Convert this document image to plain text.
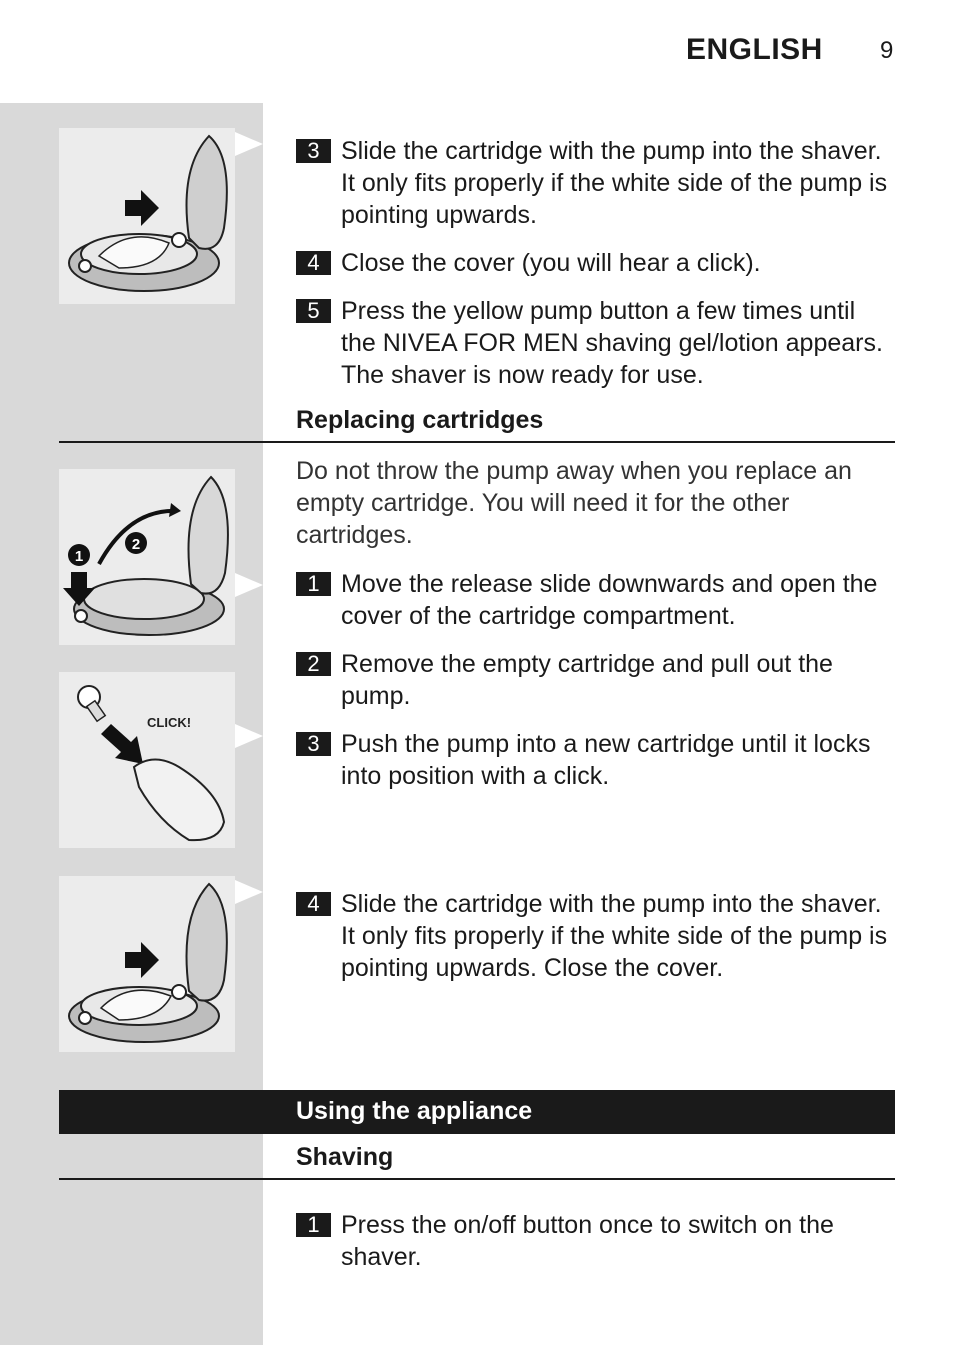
ENGLISH 9
3 Slide the cartridge with the pump into the shaver. It only fits properly if the white side of the pump is pointing upwards.
4 Close the cover (you will hear a click).
5 Press the yellow pump button a few times until the NIVEA FOR MEN shaving gel/lotion appears. The shaver is now ready for use.
Replacing cartridges
Do not throw the pump away when you replace an empty cartridge. You will need it for the other cartridges.
1
2
1 Move the release slide downwards and open the cover of the cartridge compartment.
CLICK!
2 Remove the empty cartridge and pull out the pump.
3 Push the pump into a new cartridge until it locks into position with a click.
4 Slide the cartridge with the pump into the shaver. It only fits properly if the white side of the pump is pointing upwards. Close the cover.
Using the appliance
Shaving
1 Press the on/off button once to switch on the shaver.
